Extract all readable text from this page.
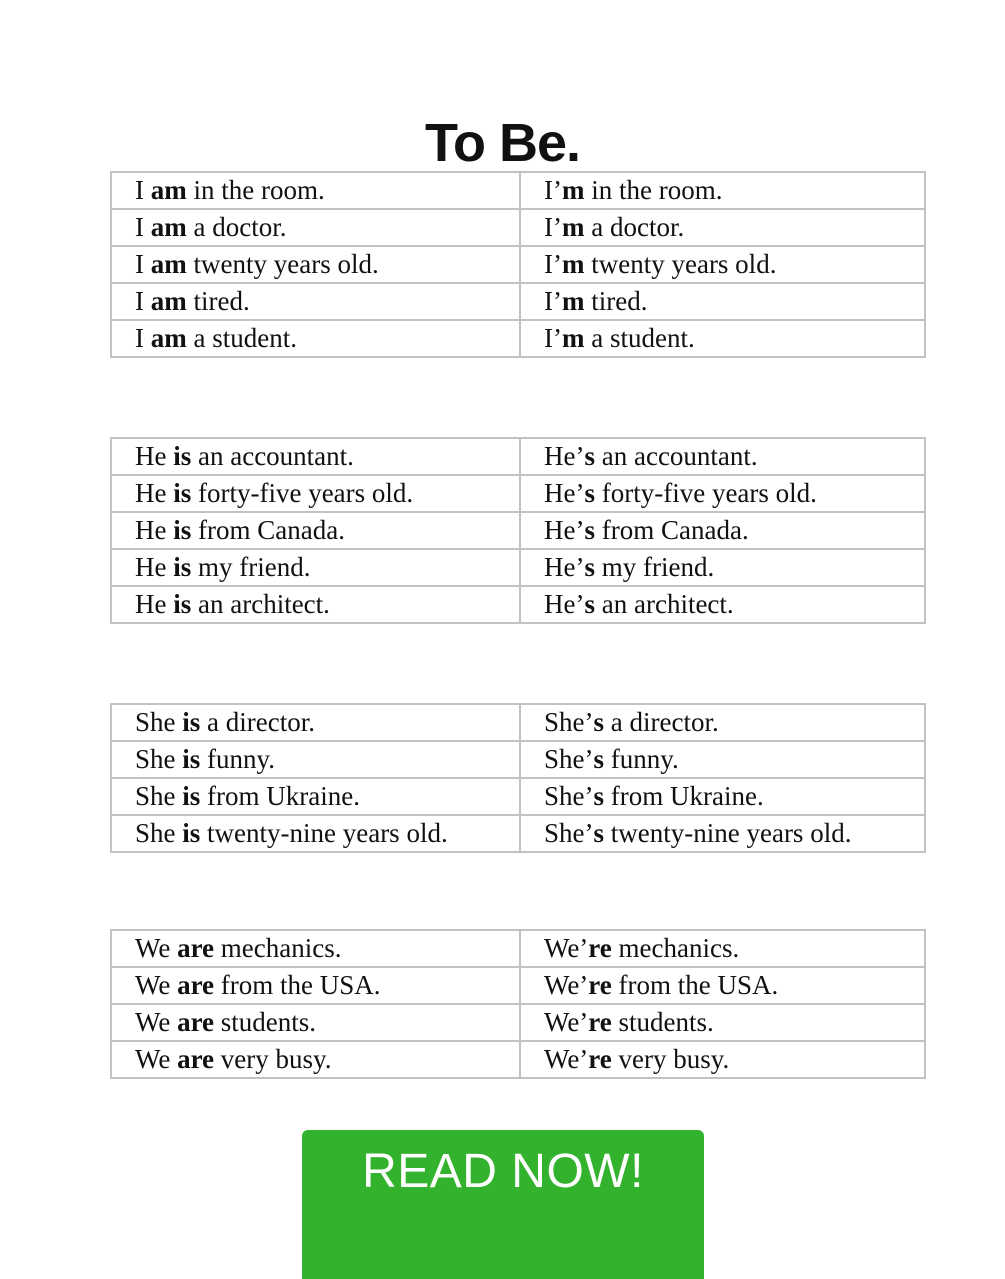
To Be.
I am in the room.	I’m in the room.
I am a doctor.	I’m a doctor.
I am twenty years old.	I’m twenty years old.
I am tired.	I’m tired.
I am a student.	I’m a student.
He is an accountant.	He’s an accountant.
He is forty-five years old.	He’s forty-five years old.
He is from Canada.	He’s from Canada.
He is my friend.	He’s my friend.
He is an architect.	He’s an architect.
She is a director.	She’s a director.
She is funny.	She’s funny.
She is from Ukraine.	She’s from Ukraine.
She is twenty-nine years old.	She’s twenty-nine years old.
We are mechanics.	We’re mechanics.
We are from the USA.	We’re from the USA.
We are students.	We’re students.
We are very busy.	We’re very busy.
READ NOW!
